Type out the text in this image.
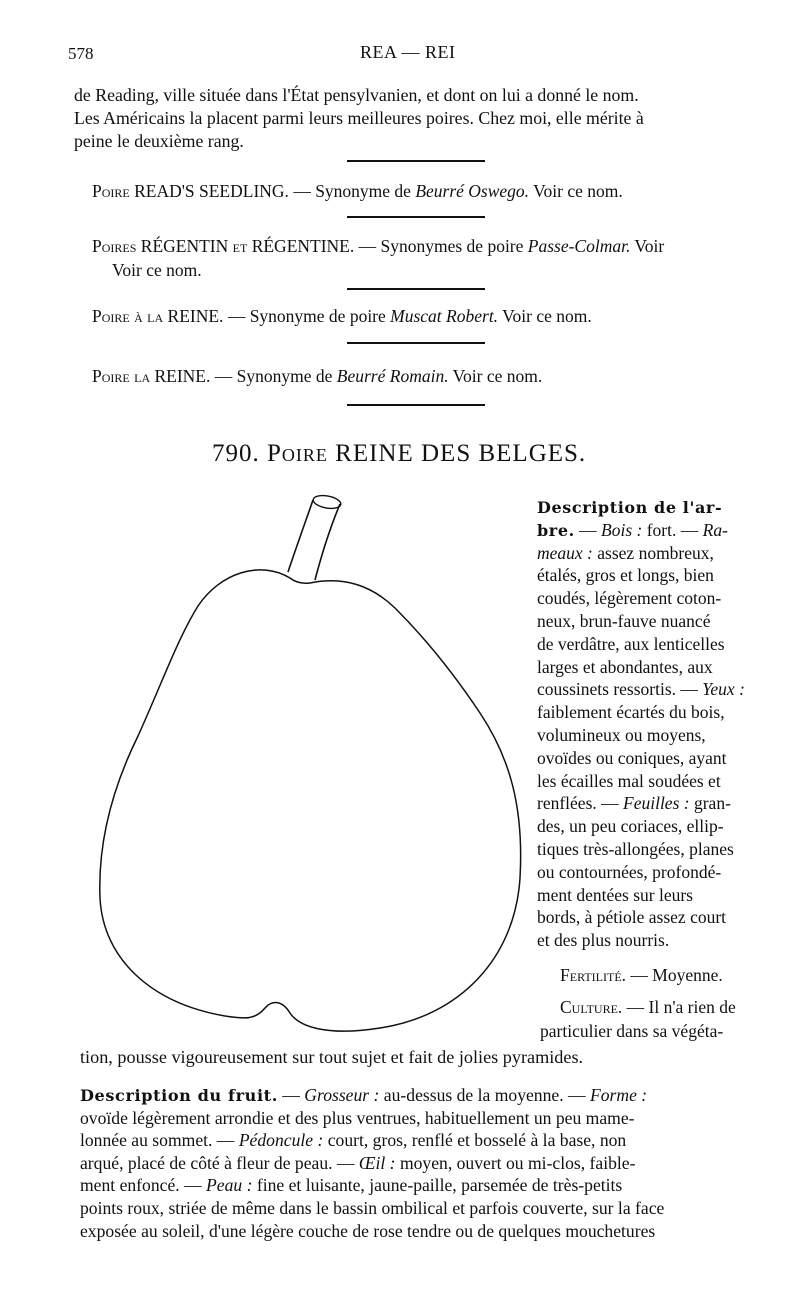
578	REA — REI
de Reading, ville située dans l'État pensylvanien, et dont on lui a donné le nom.
Les Américains la placent parmi leurs meilleures poires. Chez moi, elle mérite à
peine le deuxième rang.
Poire READ'S SEEDLING. — Synonyme de Beurré Oswego. Voir ce nom.
Poires RÉGENTIN et RÉGENTINE. — Synonymes de poire Passe-Colmar. Voir
Voir ce nom.
Poire à la REINE. — Synonyme de poire Muscat Robert. Voir ce nom.
Poire la REINE. — Synonyme de Beurré Romain. Voir ce nom.
790. Poire REINE DES BELGES.
Description de l'ar-
bre. — Bois : fort. — Ra-
meaux : assez nombreux,
étalés, gros et longs, bien
coudés, légèrement coton-
neux, brun-fauve nuancé
de verdâtre, aux lenticelles
larges et abondantes, aux
coussinets ressortis. — Yeux :
faiblement écartés du bois,
volumineux ou moyens,
ovoïdes ou coniques, ayant
les écailles mal soudées et
renflées. — Feuilles : gran-
des, un peu coriaces, ellip-
tiques très-allongées, planes
ou contournées, profondé-
ment dentées sur leurs
bords, à pétiole assez court
et des plus nourris.
Fertilité. — Moyenne.
Culture. — Il n'a rien de
particulier dans sa végéta-
tion, pousse vigoureusement sur tout sujet et fait de jolies pyramides.
Description du fruit. — Grosseur : au-dessus de la moyenne. — Forme :
ovoïde légèrement arrondie et des plus ventrues, habituellement un peu mame-
lonnée au sommet. — Pédoncule : court, gros, renflé et bosselé à la base, non
arqué, placé de côté à fleur de peau. — Œil : moyen, ouvert ou mi-clos, faible-
ment enfoncé. — Peau : fine et luisante, jaune-paille, parsemée de très-petits
points roux, striée de même dans le bassin ombilical et parfois couverte, sur la face
exposée au soleil, d'une légère couche de rose tendre ou de quelques mouchetures
